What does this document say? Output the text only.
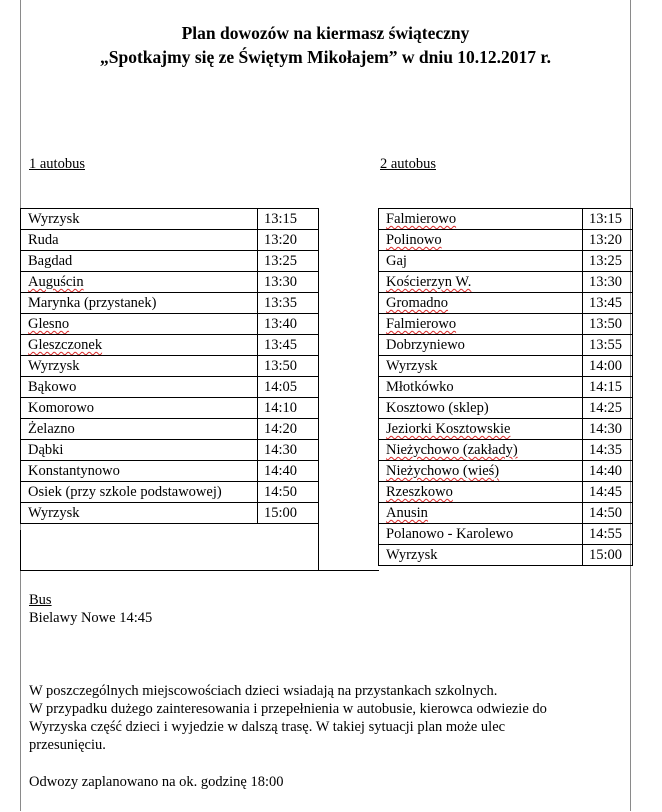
Plan dowozów na kiermasz świąteczny
„Spotkajmy się ze Świętym Mikołajem” w dniu 10.12.2017 r.
1 autobus	2 autobus
Wyrzysk	13:15
Ruda	13:20
Bagdad	13:25
Auguścin	13:30
Marynka (przystanek)	13:35
Glesno	13:40
Gleszczonek	13:45
Wyrzysk	13:50
Bąkowo	14:05
Komorowo	14:10
Żelazno	14:20
Dąbki	14:30
Konstantynowo	14:40
Osiek (przy szkole podstawowej)	14:50
Wyrzysk	15:00
Falmierowo	13:15
Polinowo	13:20
Gaj	13:25
Kościerzyn W.	13:30
Gromadno	13:45
Falmierowo	13:50
Dobrzyniewo	13:55
Wyrzysk	14:00
Młotkówko	14:15
Kosztowo (sklep)	14:25
Jeziorki Kosztowskie	14:30
Nieżychowo (zakłady)	14:35
Nieżychowo (wieś)	14:40
Rzeszkowo	14:45
Anusin	14:50
Polanowo - Karolewo	14:55
Wyrzysk	15:00
Bus
Bielawy Nowe 14:45
W poszczególnych miejscowościach dzieci wsiadają na przystankach szkolnych.
W przypadku dużego zainteresowania i przepełnienia w autobusie, kierowca odwiezie do
Wyrzyska część dzieci i wyjedzie w dalszą trasę. W takiej sytuacji plan może ulec
przesunięciu.
Odwozy zaplanowano na ok. godzinę 18:00
